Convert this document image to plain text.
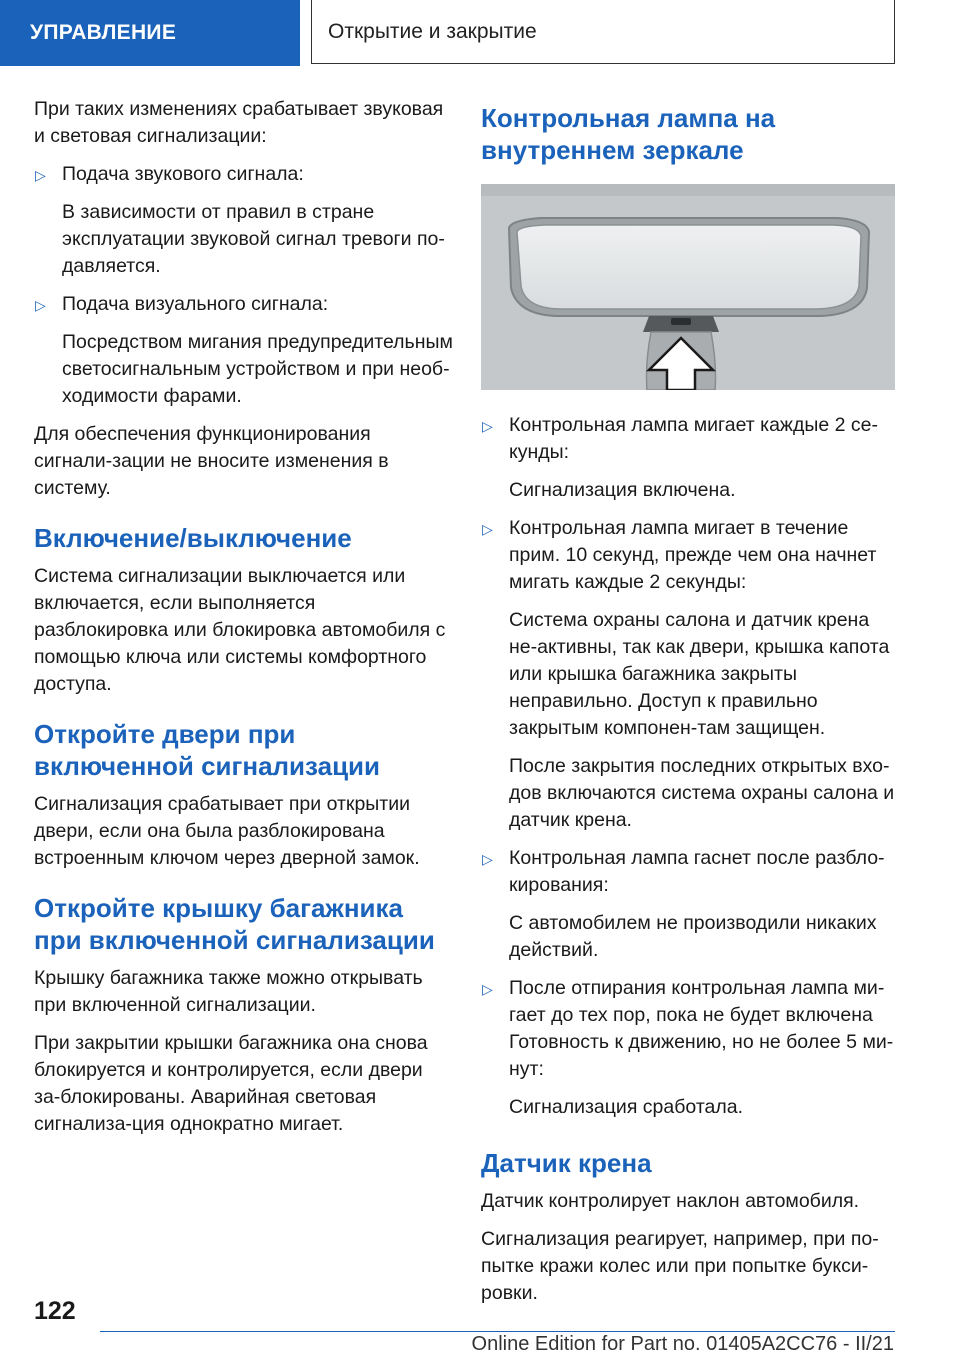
УПРАВЛЕНИЕ	Открытие и закрытие

При таких изменениях срабатывает звуковая и световая сигнализации:

▷ Подача звукового сигнала:

В зависимости от правил в стране эксплуатации звуковой сигнал тревоги по-давляется.

▷ Подача визуального сигнала:

Посредством мигания предупредительным светосигнальным устройством и при необ-ходимости фарами.

Для обеспечения функционирования сигнали-зации не вносите изменения в систему.

Включение/выключение

Система сигнализации выключается или включается, если выполняется разблокировка или блокировка автомобиля с помощью ключа или системы комфортного доступа.

Откройте двери при включенной сигнализации

Сигнализация срабатывает при открытии двери, если она была разблокирована встроенным ключом через дверной замок.

Откройте крышку багажника при включенной сигнализации

Крышку багажника также можно открывать при включенной сигнализации.

При закрытии крышки багажника она снова блокируется и контролируется, если двери за-блокированы. Аварийная световая сигнализа-ция однократно мигает.

Контрольная лампа на внутреннем зеркале
▷ Контрольная лампа мигает каждые 2 се-кунды:

Сигнализация включена.

▷ Контрольная лампа мигает в течение прим. 10 секунд, прежде чем она начнет мигать каждые 2 секунды:

Система охраны салона и датчик крена не-активны, так как двери, крышка капота или крышка багажника закрыты неправильно. Доступ к правильно закрытым компонен-там защищен.

После закрытия последних открытых вхо-дов включаются система охраны салона и датчик крена.

▷ Контрольная лампа гаснет после разбло-кирования:

С автомобилем не производили никаких действий.

▷ После отпирания контрольная лампа ми-гает до тех пор, пока не будет включена Готовность к движению, но не более 5 ми-нут:

Сигнализация сработала.

Датчик крена

Датчик контролирует наклон автомобиля.

Сигнализация реагирует, например, при по-пытке кражи колес или при попытке букси-ровки.

122
Online Edition for Part no. 01405A2CC76 - II/21
